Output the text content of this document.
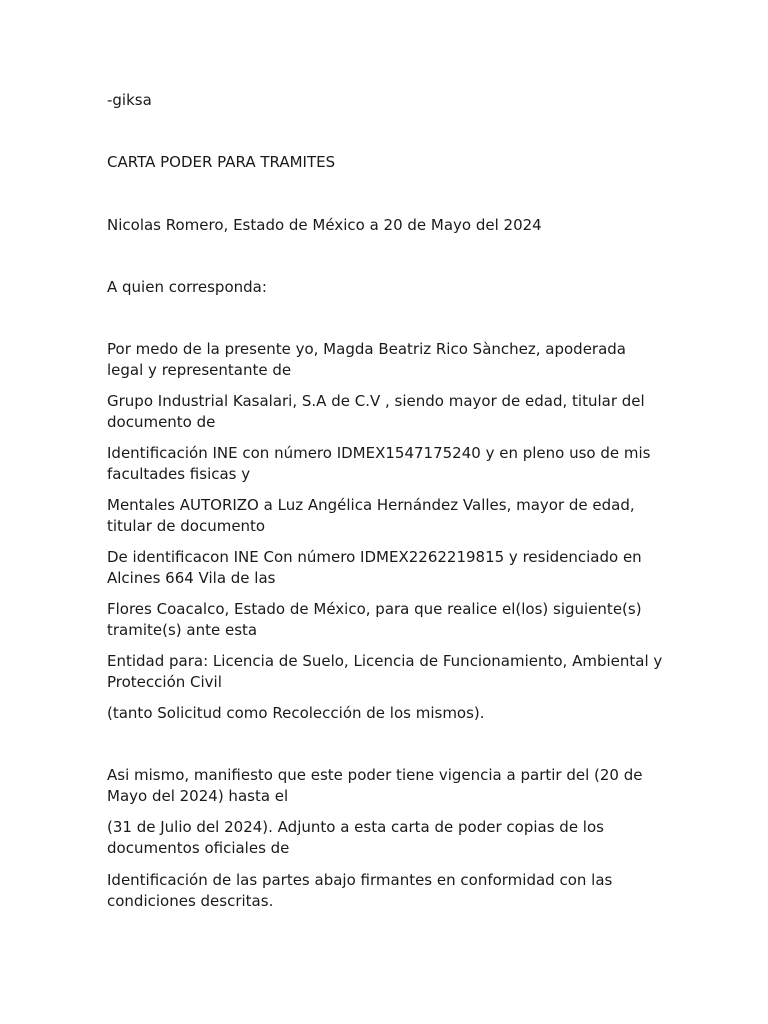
-giksa

CARTA PODER PARA TRAMITES

Nicolas Romero, Estado de México a 20 de Mayo del 2024

A quien corresponda:

Por medo de la presente yo, Magda Beatriz Rico Sànchez, apoderada legal y representante de

Grupo Industrial Kasalari, S.A de C.V , siendo mayor de edad, titular del documento de

Identificación INE con número IDMEX1547175240 y en pleno uso de mis facultades fisicas y

Mentales AUTORIZO a Luz Angélica Hernández Valles, mayor de edad, titular de documento

De identificacon INE Con número IDMEX2262219815 y residenciado en Alcines 664 Vila de las

Flores Coacalco, Estado de México, para que realice el(los) siguiente(s) tramite(s) ante esta

Entidad para: Licencia de Suelo, Licencia de Funcionamiento, Ambiental y Protección Civil

(tanto Solicitud como Recolección de los mismos).

Asi mismo, manifiesto que este poder tiene vigencia a partir del (20 de Mayo del 2024) hasta el

(31 de Julio del 2024). Adjunto a esta carta de poder copias de los documentos oficiales de

Identificación de las partes abajo firmantes en conformidad con las condiciones descritas.
